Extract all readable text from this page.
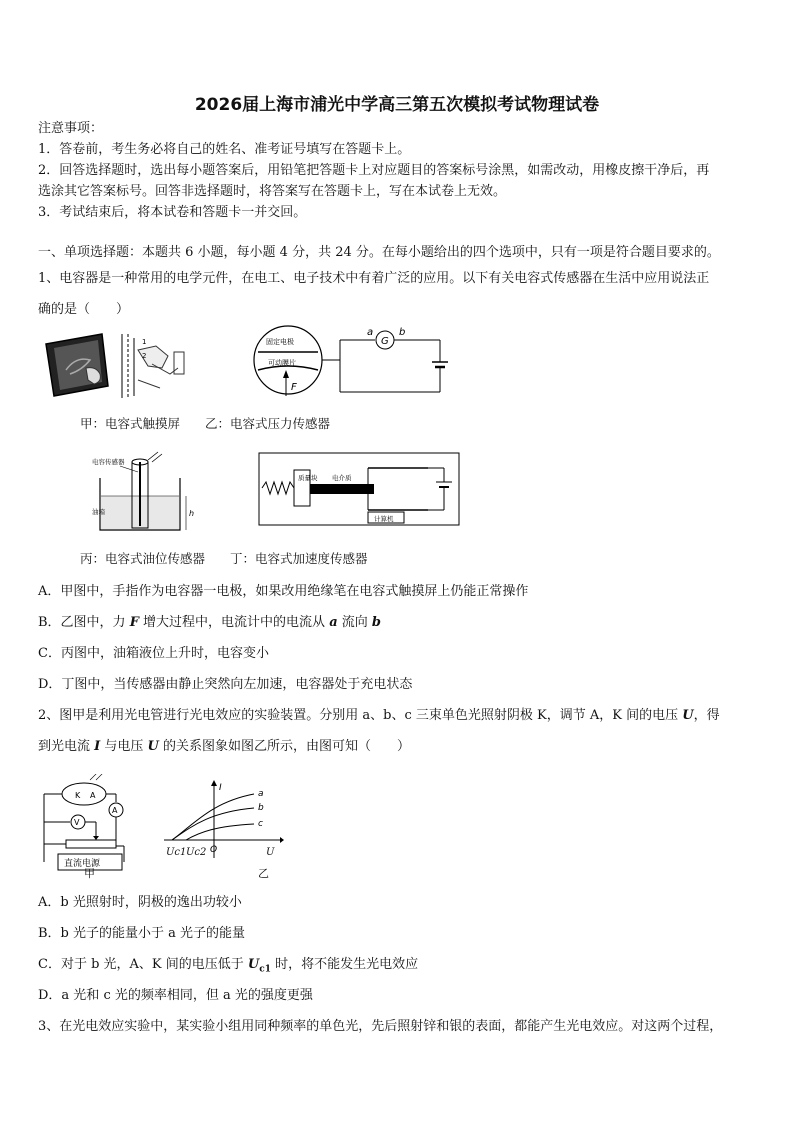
2026届上海市浦光中学高三第五次模拟考试物理试卷
注意事项：
1．答卷前，考生务必将自己的姓名、准考证号填写在答题卡上。
2．回答选择题时，选出每小题答案后，用铅笔把答题卡上对应题目的答案标号涂黑，如需改动，用橡皮擦干净后，再
选涂其它答案标号。回答非选择题时，将答案写在答题卡上，写在本试卷上无效。
3．考试结束后，将本试卷和答题卡一并交回。
一、单项选择题：本题共 6 小题，每小题 4 分，共 24 分。在每小题给出的四个选项中，只有一项是符合题目要求的。
1、电容器是一种常用的电学元件，在电工、电子技术中有着广泛的应用。以下有关电容式传感器在生活中应用说法正
确的是（　　）
1
2
固定电极
可动膜片
F
G
a	b
甲：电容式触摸屏　　乙：电容式压力传感器
电容传感器
油箱	h
质量块 电介质
计算机
丙：电容式油位传感器　　丁：电容式加速度传感器
A．甲图中，手指作为电容器一电极，如果改用绝缘笔在电容式触摸屏上仍能正常操作
B．乙图中，力 F 增大过程中，电流计中的电流从 a 流向 b
C．丙图中，油箱液位上升时，电容变小
D．丁图中，当传感器由静止突然向左加速，电容器处于充电状态
2、图甲是利用光电管进行光电效应的实验装置。分别用 a、b、c 三束单色光照射阴极 K，调节 A，K 间的电压 U，得
到光电流 I 与电压 U 的关系图象如图乙所示，由图可知（　　）
K A
A
V
直流电源
甲
I
O
a
b
c
Uc1 Uc2	U
乙
A．b 光照射时，阴极的逸出功较小
B．b 光子的能量小于 a 光子的能量
C．对于 b 光，A、K 间的电压低于 $U_{c1}$ 时，将不能发生光电效应
D．a 光和 c 光的频率相同，但 a 光的强度更强
3、在光电效应实验中，某实验小组用同种频率的单色光，先后照射锌和银的表面，都能产生光电效应。对这两个过程，
